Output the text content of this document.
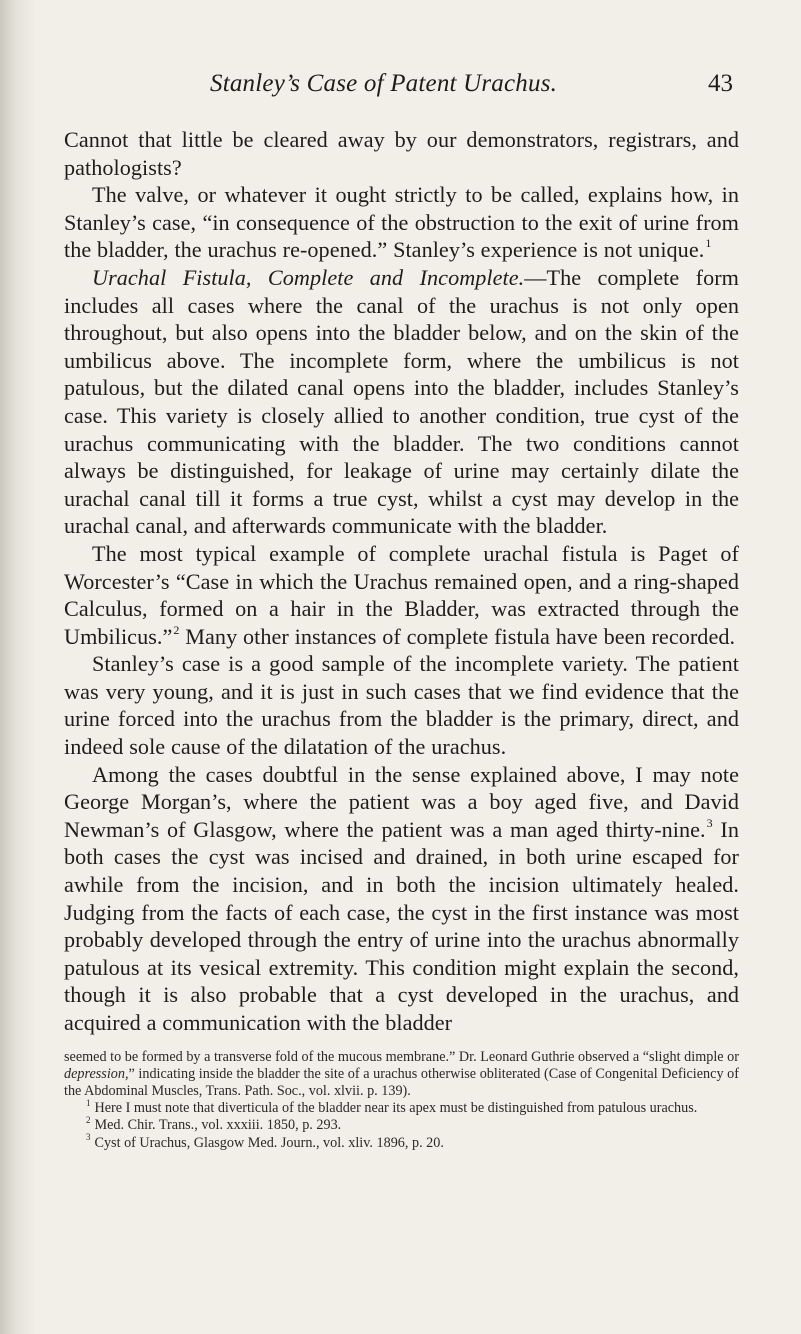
Stanley’s Case of Patent Urachus.	43

Cannot that little be cleared away by our demonstrators, registrars, and pathologists?

The valve, or whatever it ought strictly to be called, explains how, in Stanley’s case, “in consequence of the obstruction to the exit of urine from the bladder, the urachus re-opened.” Stanley’s experience is not unique.$^1$

Urachal Fistula, Complete and Incomplete.—The complete form includes all cases where the canal of the urachus is not only open throughout, but also opens into the bladder below, and on the skin of the umbilicus above. The incomplete form, where the umbilicus is not patulous, but the dilated canal opens into the bladder, includes Stanley’s case. This variety is closely allied to another condition, true cyst of the urachus communicating with the bladder. The two conditions cannot always be distinguished, for leakage of urine may certainly dilate the urachal canal till it forms a true cyst, whilst a cyst may develop in the urachal canal, and afterwards communicate with the bladder.

The most typical example of complete urachal fistula is Paget of Worcester’s “Case in which the Urachus remained open, and a ring-shaped Calculus, formed on a hair in the Bladder, was extracted through the Umbilicus.”$^2$ Many other instances of complete fistula have been recorded.

Stanley’s case is a good sample of the incomplete variety. The patient was very young, and it is just in such cases that we find evidence that the urine forced into the urachus from the bladder is the primary, direct, and indeed sole cause of the dilatation of the urachus.

Among the cases doubtful in the sense explained above, I may note George Morgan’s, where the patient was a boy aged five, and David Newman’s of Glasgow, where the patient was a man aged thirty-nine.$^3$ In both cases the cyst was incised and drained, in both urine escaped for awhile from the incision, and in both the incision ultimately healed. Judging from the facts of each case, the cyst in the first instance was most probably developed through the entry of urine into the urachus abnormally patulous at its vesical extremity. This condition might explain the second, though it is also probable that a cyst developed in the urachus, and acquired a communication with the bladder

seemed to be formed by a transverse fold of the mucous membrane.” Dr. Leonard Guthrie observed a “slight dimple or depression,” indicating inside the bladder the site of a urachus otherwise obliterated (Case of Congenital Deficiency of the Abdominal Muscles, Trans. Path. Soc., vol. xlvii. p. 139).

$^1$ Here I must note that diverticula of the bladder near its apex must be distinguished from patulous urachus.

$^2$ Med. Chir. Trans., vol. xxxiii. 1850, p. 293.

$^3$ Cyst of Urachus, Glasgow Med. Journ., vol. xliv. 1896, p. 20.
